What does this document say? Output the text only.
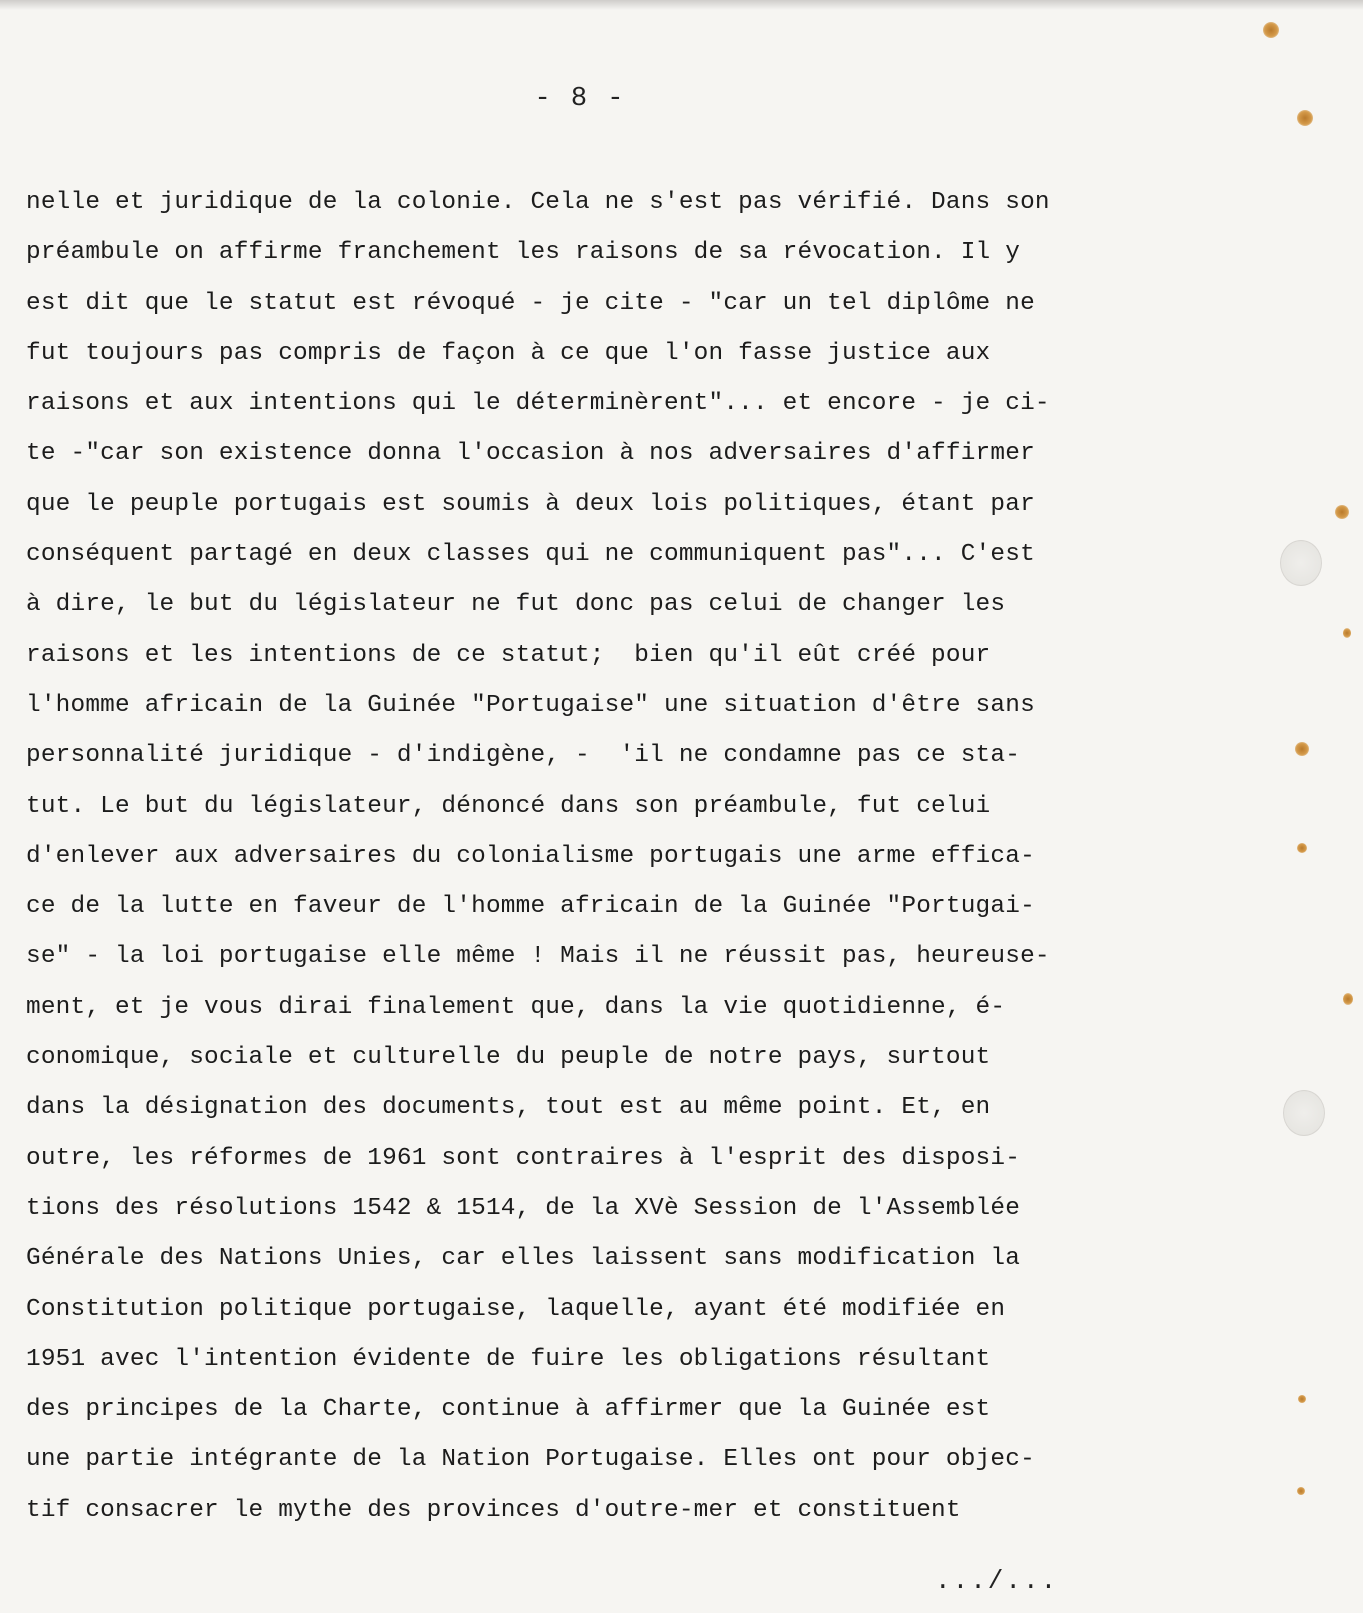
- 8 -
nelle et juridique de la colonie. Cela ne s'est pas vérifié. Dans son
préambule on affirme franchement les raisons de sa révocation. Il y
est dit que le statut est révoqué - je cite - "car un tel diplôme ne
fut toujours pas compris de façon à ce que l'on fasse justice aux
raisons et aux intentions qui le déterminèrent"... et encore - je ci-
te -"car son existence donna l'occasion à nos adversaires d'affirmer
que le peuple portugais est soumis à deux lois politiques, étant par
conséquent partagé en deux classes qui ne communiquent pas"... C'est
à dire, le but du législateur ne fut donc pas celui de changer les
raisons et les intentions de ce statut;  bien qu'il eût créé pour
l'homme africain de la Guinée "Portugaise" une situation d'être sans
personnalité juridique - d'indigène, -  'il ne condamne pas ce sta-
tut. Le but du législateur, dénoncé dans son préambule, fut celui
d'enlever aux adversaires du colonialisme portugais une arme effica-
ce de la lutte en faveur de l'homme africain de la Guinée "Portugai-
se" - la loi portugaise elle même ! Mais il ne réussit pas, heureuse-
ment, et je vous dirai finalement que, dans la vie quotidienne, é-
conomique, sociale et culturelle du peuple de notre pays, surtout
dans la désignation des documents, tout est au même point. Et, en
outre, les réformes de 1961 sont contraires à l'esprit des disposi-
tions des résolutions 1542 & 1514, de la XVè Session de l'Assemblée
Générale des Nations Unies, car elles laissent sans modification la
Constitution politique portugaise, laquelle, ayant été modifiée en
1951 avec l'intention évidente de fuire les obligations résultant
des principes de la Charte, continue à affirmer que la Guinée est
une partie intégrante de la Nation Portugaise. Elles ont pour objec-
tif consacrer le mythe des provinces d'outre-mer et constituent
.../...
